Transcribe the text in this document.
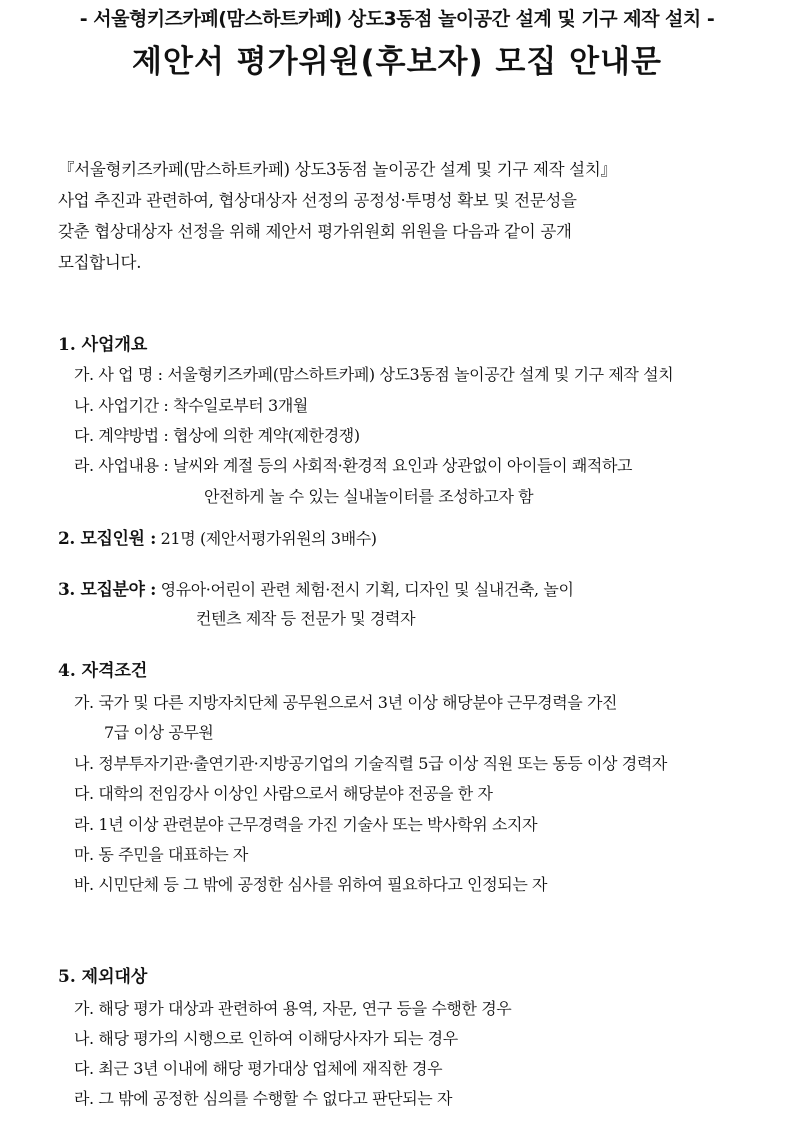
- 서울형키즈카페(맘스하트카페) 상도3동점 놀이공간 설계 및 기구 제작 설치 -
제안서 평가위원(후보자) 모집 안내문
『서울형키즈카페(맘스하트카페) 상도3동점 놀이공간 설계 및 기구 제작 설치』
사업 추진과 관련하여, 협상대상자 선정의 공정성·투명성 확보 및 전문성을
갖춘 협상대상자 선정을 위해 제안서 평가위원회 위원을 다음과 같이 공개
모집합니다.
1. 사업개요
가. 사 업 명 : 서울형키즈카페(맘스하트카페) 상도3동점 놀이공간 설계 및 기구 제작 설치
나. 사업기간 : 착수일로부터 3개월
다. 계약방법 : 협상에 의한 계약(제한경쟁)
라. 사업내용 : 날씨와 계절 등의 사회적·환경적 요인과 상관없이 아이들이 쾌적하고
안전하게 놀 수 있는 실내놀이터를 조성하고자 함
2. 모집인원 : 21명 (제안서평가위원의 3배수)
3. 모집분야 : 영유아·어린이 관련 체험·전시 기획, 디자인 및 실내건축, 놀이
컨텐츠 제작 등 전문가 및 경력자
4. 자격조건
가. 국가 및 다른 지방자치단체 공무원으로서 3년 이상 해당분야 근무경력을 가진
7급 이상 공무원
나. 정부투자기관·출연기관·지방공기업의 기술직렬 5급 이상 직원 또는 동등 이상 경력자
다. 대학의 전임강사 이상인 사람으로서 해당분야 전공을 한 자
라. 1년 이상 관련분야 근무경력을 가진 기술사 또는 박사학위 소지자
마. 동 주민을 대표하는 자
바. 시민단체 등 그 밖에 공정한 심사를 위하여 필요하다고 인정되는 자
5. 제외대상
가. 해당 평가 대상과 관련하여 용역, 자문, 연구 등을 수행한 경우
나. 해당 평가의 시행으로 인하여 이해당사자가 되는 경우
다. 최근 3년 이내에 해당 평가대상 업체에 재직한 경우
라. 그 밖에 공정한 심의를 수행할 수 없다고 판단되는 자
